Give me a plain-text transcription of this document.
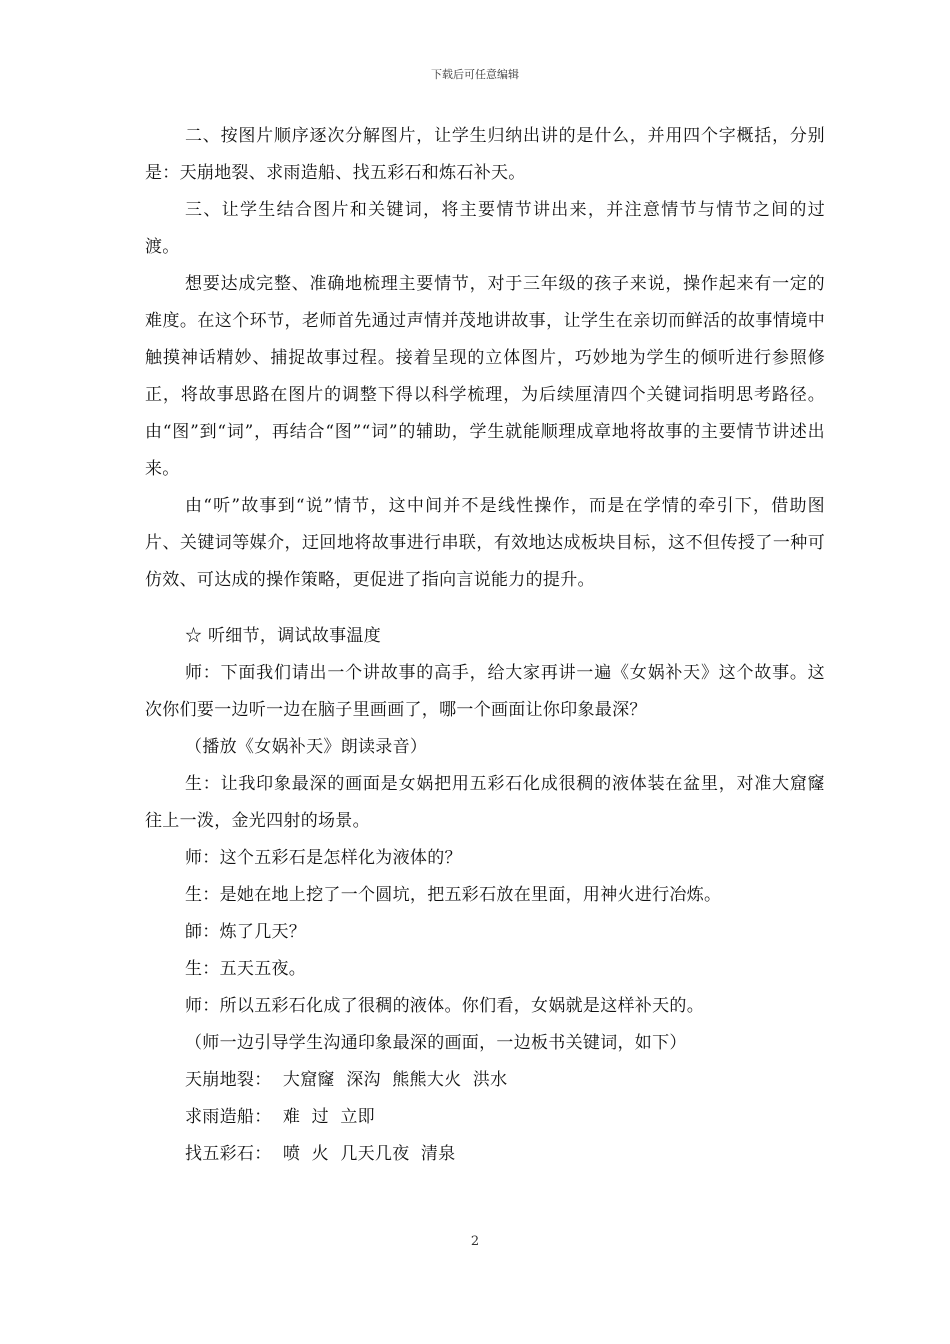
下载后可任意编辑

二、按图片顺序逐次分解图片，让学生归纳出讲的是什么，并用四个字概括，分别是：天崩地裂、求雨造船、找五彩石和炼石补天。

三、让学生结合图片和关键词，将主要情节讲出来，并注意情节与情节之间的过渡。

想要达成完整、准确地梳理主要情节，对于三年级的孩子来说，操作起来有一定的难度。在这个环节，老师首先通过声情并茂地讲故事，让学生在亲切而鲜活的故事情境中触摸神话精妙、捕捉故事过程。接着呈现的立体图片，巧妙地为学生的倾听进行参照修正，将故事思路在图片的调整下得以科学梳理，为后续厘清四个关键词指明思考路径。由“图”到“词”，再结合“图”“词”的辅助，学生就能顺理成章地将故事的主要情节讲述出来。

由“听”故事到“说”情节，这中间并不是线性操作，而是在学情的牵引下，借助图片、关键词等媒介，迂回地将故事进行串联，有效地达成板块目标，这不但传授了一种可仿效、可达成的操作策略，更促进了指向言说能力的提升。

☆ 听细节，调试故事温度

师：下面我们请出一个讲故事的高手，给大家再讲一遍《女娲补天》这个故事。这次你们要一边听一边在脑子里画画了，哪一个画面让你印象最深？

（播放《女娲补天》朗读录音）

生：让我印象最深的画面是女娲把用五彩石化成很稠的液体装在盆里，对准大窟窿往上一泼，金光四射的场景。

师：这个五彩石是怎样化为液体的？

生：是她在地上挖了一个圆坑，把五彩石放在里面，用神火进行冶炼。

師：炼了几天？

生：五天五夜。

师：所以五彩石化成了很稠的液体。你们看，女娲就是这样补天的。

（师一边引导学生沟通印象最深的画面，一边板书关键词，如下）

天崩地裂：  大窟窿  深沟  熊熊大火  洪水

求雨造船：  难  过  立即

找五彩石：  喷  火  几天几夜  清泉

2
